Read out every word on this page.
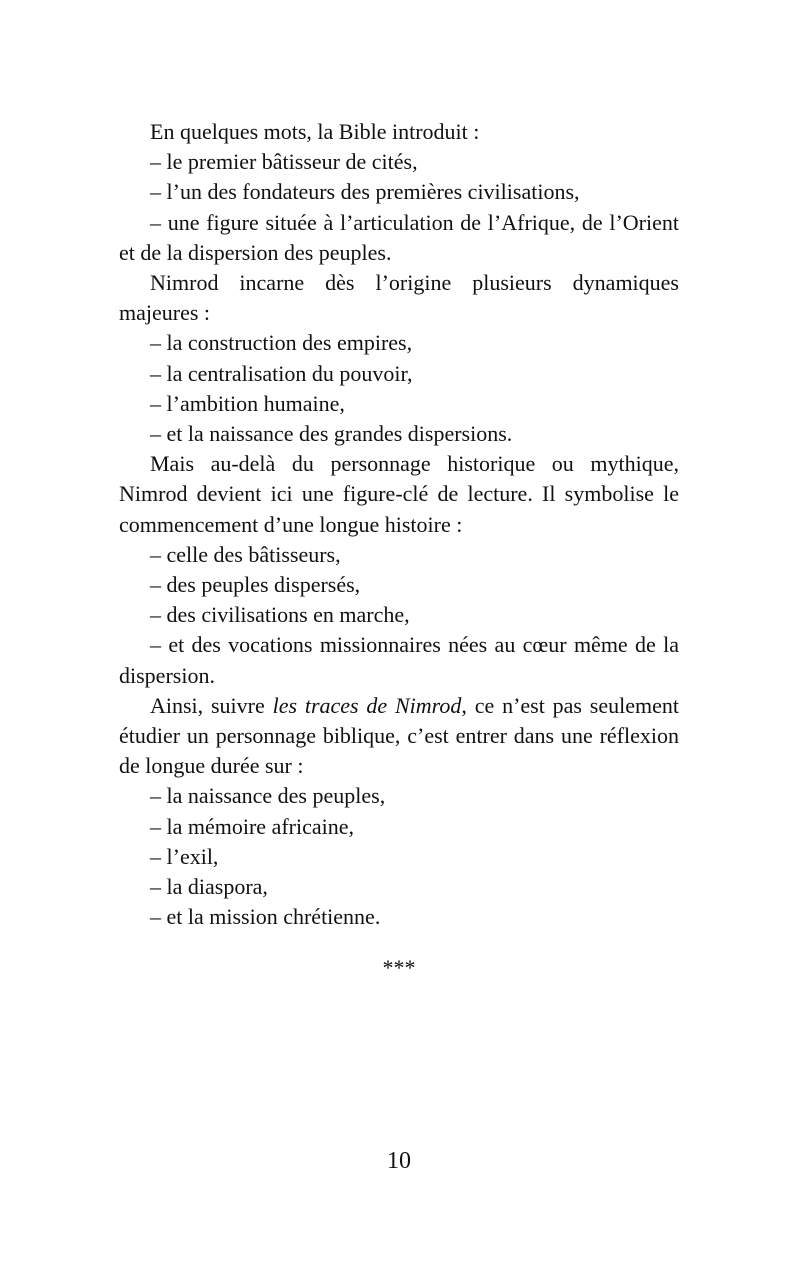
En quelques mots, la Bible introduit :

– le premier bâtisseur de cités,

– l’un des fondateurs des premières civilisations,

– une figure située à l’articulation de l’Afrique, de l’Orient et de la dispersion des peuples.

Nimrod incarne dès l’origine plusieurs dynamiques majeures :

– la construction des empires,

– la centralisation du pouvoir,

– l’ambition humaine,

– et la naissance des grandes dispersions.

Mais au-delà du personnage historique ou mythique, Nimrod devient ici une figure-clé de lecture. Il symbolise le commencement d’une longue histoire :

– celle des bâtisseurs,

– des peuples dispersés,

– des civilisations en marche,

– et des vocations missionnaires nées au cœur même de la dispersion.

Ainsi, suivre les traces de Nimrod, ce n’est pas seulement étudier un personnage biblique, c’est entrer dans une réflexion de longue durée sur :

– la naissance des peuples,

– la mémoire africaine,

– l’exil,

– la diaspora,

– et la mission chrétienne.

***
10
